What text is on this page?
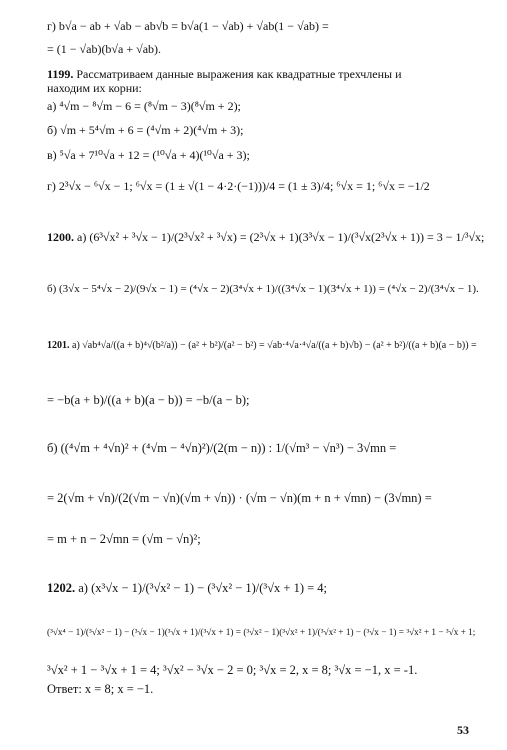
г) b√a − ab + √ab − ab√b = b√a(1 − √ab) + √ab(1 − √ab) =
= (1 − √ab)(b√a + √ab).
1199. Рассматриваем данные выражения как квадратные трехчлены и
находим их корни:
а) ⁴√m − ⁸√m − 6 = (⁸√m − 3)(⁸√m + 2);
б) √m + 5⁴√m + 6 = (⁴√m + 2)(⁴√m + 3);
в) ⁵√a + 7¹⁰√a + 12 = (¹⁰√a + 4)(¹⁰√a + 3);
г) 2³√x − ⁶√x − 1; ⁶√x = (1 ± √(1 − 4·2·(−1)))/4 = (1 ± 3)/4; ⁶√x = 1; ⁶√x = −1/2
1200. а) (6³√x² + ³√x − 1)/(2³√x² + ³√x) = (2³√x + 1)(3³√x − 1)/(³√x(2³√x + 1)) = 3 − 1/³√x;
б) (3√x − 5⁴√x − 2)/(9√x − 1) = (⁴√x − 2)(3⁴√x + 1)/((3⁴√x − 1)(3⁴√x + 1)) = (⁴√x − 2)/(3⁴√x − 1).
1201. а) √ab⁴√a/((a + b)⁴√(b²/a)) − (a² + b²)/(a² − b²) = √ab·⁴√a·⁴√a/((a + b)√b) − (a² + b²)/((a + b)(a − b)) =
= −b(a + b)/((a + b)(a − b)) = −b/(a − b);
б) ((⁴√m + ⁴√n)² + (⁴√m − ⁴√n)²)/(2(m − n)) : 1/(√m³ − √n³) − 3√mn =
= 2(√m + √n)/(2(√m − √n)(√m + √n)) · (√m − √n)(m + n + √mn) − (3√mn) =
= m + n − 2√mn = (√m − √n)²;
1202. а) (x³√x − 1)/(³√x² − 1) − (³√x² − 1)/(³√x + 1) = 4;
(³√x⁴ − 1)/(³√x² − 1) − (³√x − 1)(³√x + 1)/(³√x + 1) = (³√x² − 1)(³√x² + 1)/(³√x² + 1) − (³√x − 1) = ³√x² + 1 − ³√x + 1;
³√x² + 1 − ³√x + 1 = 4; ³√x² − ³√x − 2 = 0; ³√x = 2, x = 8; ³√x = −1, x = -1.
Ответ: x = 8; x = −1.
53
